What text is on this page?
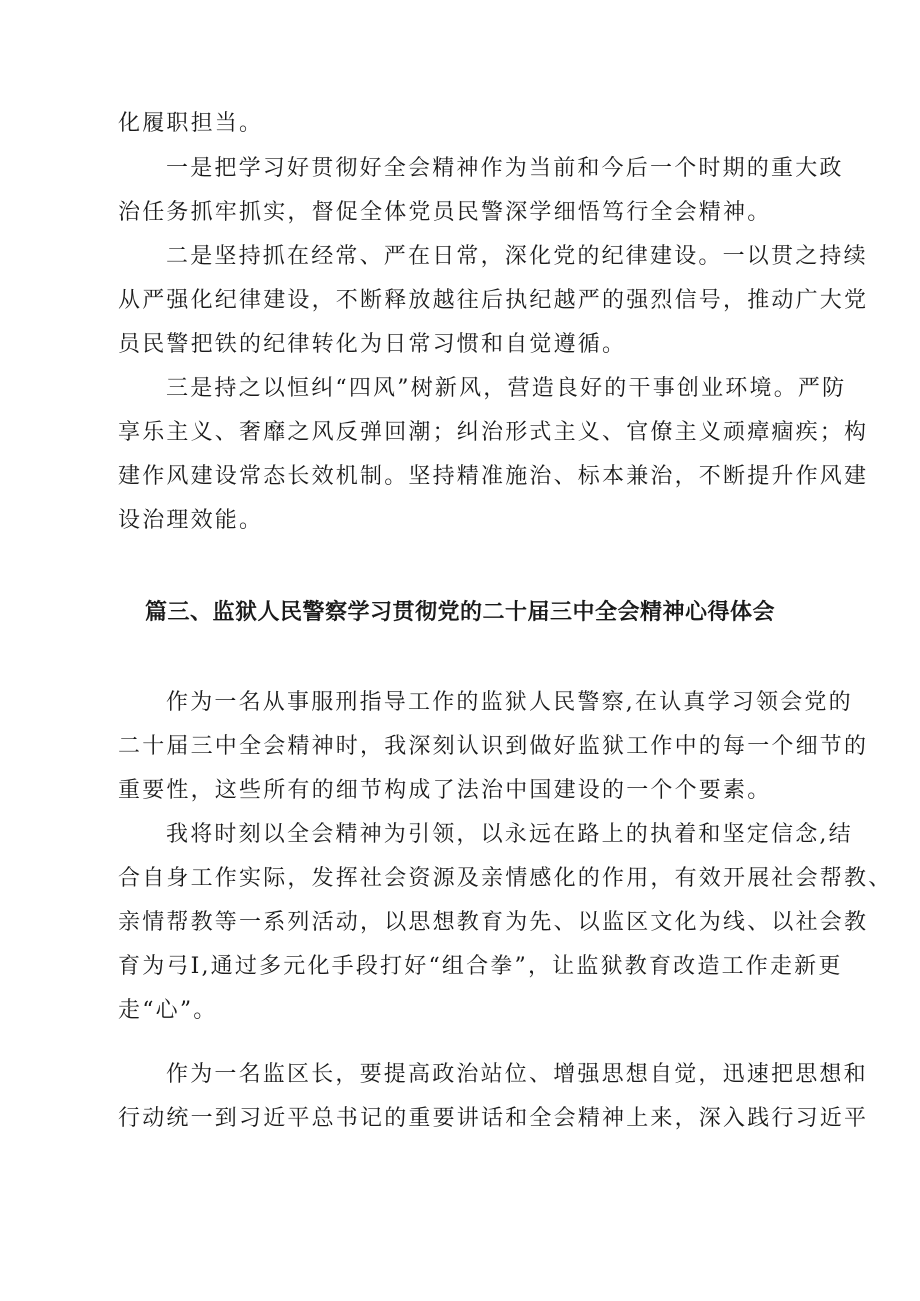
化履职担当。
一是把学习好贯彻好全会精神作为当前和今后一个时期的重大政
治任务抓牢抓实，督促全体党员民警深学细悟笃行全会精神。
二是坚持抓在经常、严在日常，深化党的纪律建设。一以贯之持续
从严强化纪律建设，不断释放越往后执纪越严的强烈信号，推动广大党
员民警把铁的纪律转化为日常习惯和自觉遵循。
三是持之以恒纠“四风”树新风，营造良好的干事创业环境。严防
享乐主义、奢靡之风反弹回潮；纠治形式主义、官僚主义顽瘴痼疾；构
建作风建设常态长效机制。坚持精准施治、标本兼治，不断提升作风建
设治理效能。
篇三、监狱人民警察学习贯彻党的二十届三中全会精神心得体会
作为一名从事服刑指导工作的监狱人民警察,在认真学习领会党的
二十届三中全会精神时，我深刻认识到做好监狱工作中的每一个细节的
重要性，这些所有的细节构成了法治中国建设的一个个要素。
我将时刻以全会精神为引领，以永远在路上的执着和坚定信念,结
合自身工作实际，发挥社会资源及亲情感化的作用，有效开展社会帮教、
亲情帮教等一系列活动，以思想教育为先、以监区文化为线、以社会教
育为弓I,通过多元化手段打好“组合拳”，让监狱教育改造工作走新更
走“心”。
作为一名监区长，要提高政治站位、增强思想自觉，迅速把思想和
行动统一到习近平总书记的重要讲话和全会精神上来，深入践行习近平
